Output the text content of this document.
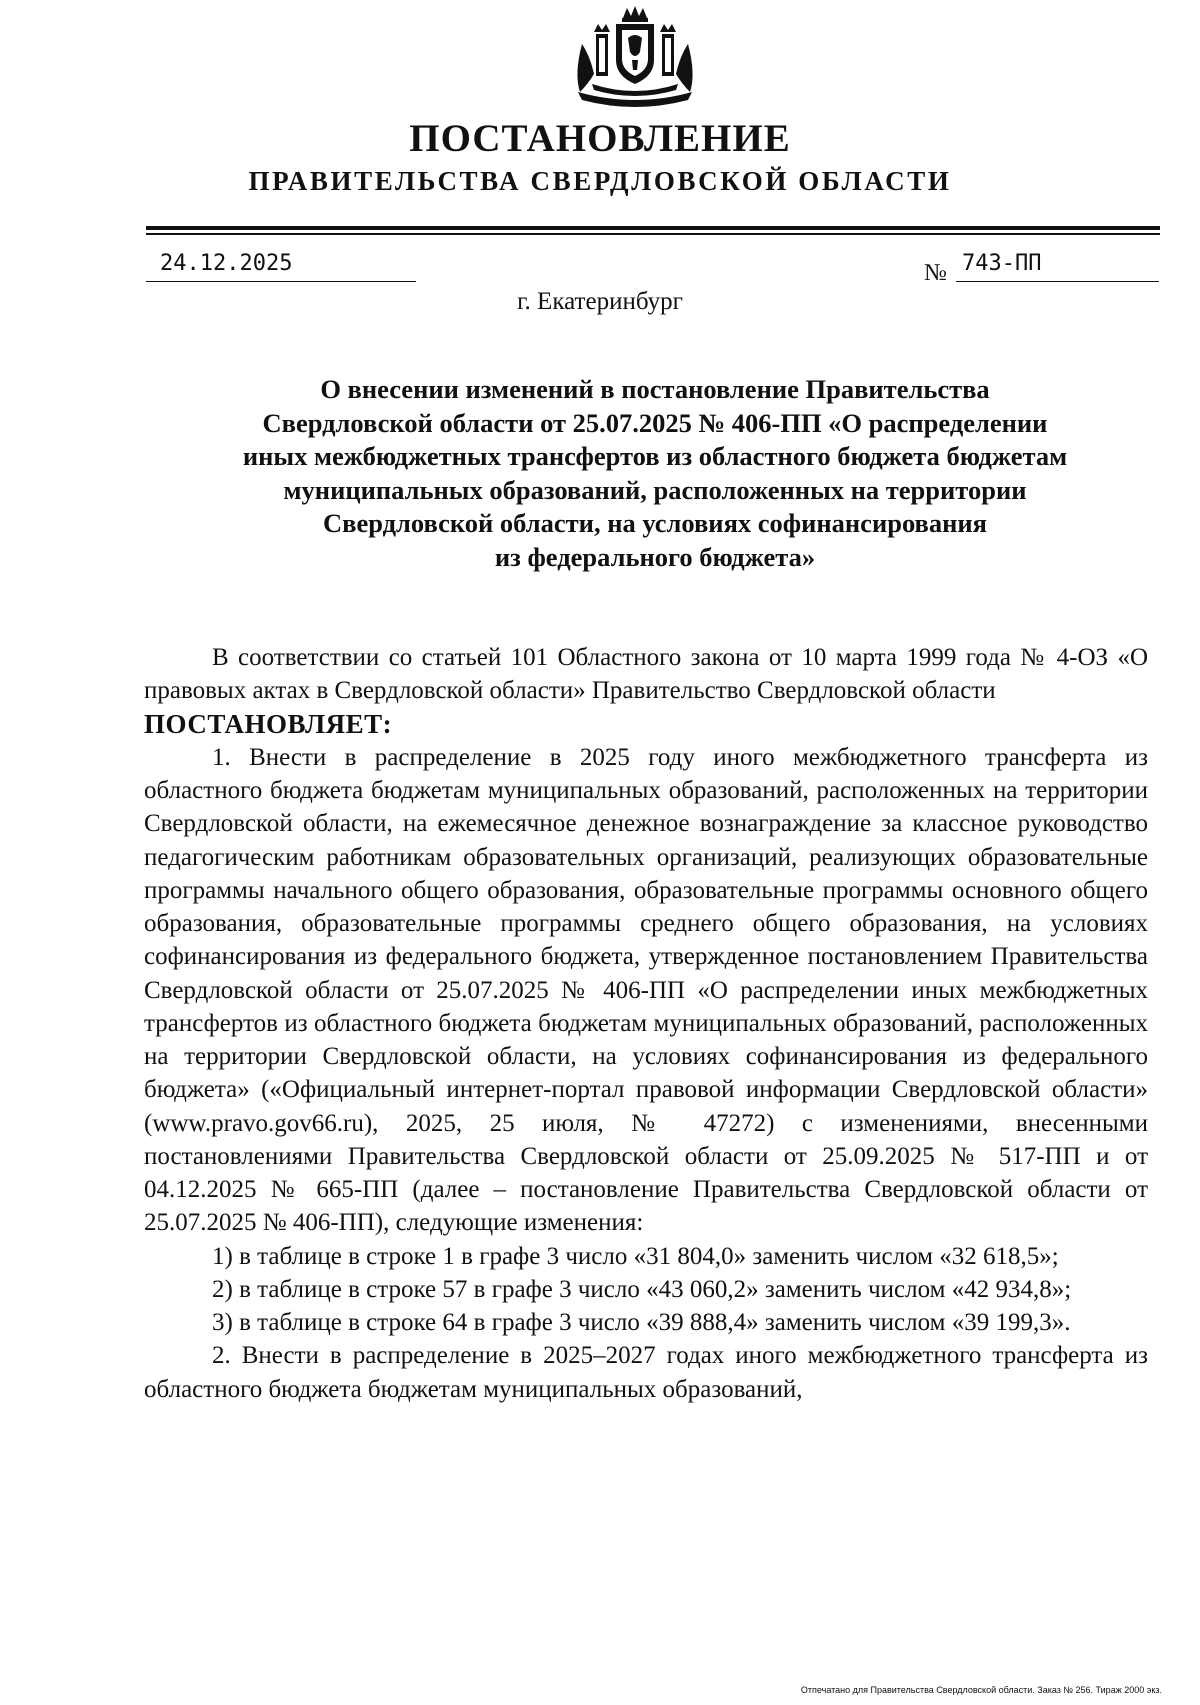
ПОСТАНОВЛЕНИЕ
ПРАВИТЕЛЬСТВА СВЕРДЛОВСКОЙ ОБЛАСТИ
24.12.2025	№ 743-ПП
г. Екатеринбург
О внесении изменений в постановление Правительства
Свердловской области от 25.07.2025 № 406-ПП «О распределении
иных межбюджетных трансфертов из областного бюджета бюджетам
муниципальных образований, расположенных на территории
Свердловской области, на условиях софинансирования
из федерального бюджета»

В соответствии со статьей 101 Областного закона от 10 марта 1999 года № 4-ОЗ «О правовых актах в Свердловской области» Правительство Свердловской области

ПОСТАНОВЛЯЕТ:

1. Внести в распределение в 2025 году иного межбюджетного трансферта из областного бюджета бюджетам муниципальных образований, расположенных на территории Свердловской области, на ежемесячное денежное вознаграждение за классное руководство педагогическим работникам образовательных организаций, реализующих образовательные программы начального общего образования, образовательные программы основного общего образования, образовательные программы среднего общего образования, на условиях софинансирования из федерального бюджета, утвержденное постановлением Правительства Свердловской области от 25.07.2025 № 406-ПП «О распределении иных межбюджетных трансфертов из областного бюджета бюджетам муниципальных образований, расположенных на территории Свердловской области, на условиях софинансирования из федерального бюджета» («Официальный интернет-портал правовой информации Свердловской области» (www.pravo.gov66.ru), 2025, 25 июля, № 47272) с изменениями, внесенными постановлениями Правительства Свердловской области от 25.09.2025 № 517-ПП и от 04.12.2025 № 665-ПП (далее – постановление Правительства Свердловской области от 25.07.2025 № 406-ПП), следующие изменения:

1) в таблице в строке 1 в графе 3 число «31 804,0» заменить числом «32 618,5»;

2) в таблице в строке 57 в графе 3 число «43 060,2» заменить числом «42 934,8»;

3) в таблице в строке 64 в графе 3 число «39 888,4» заменить числом «39 199,3».

2. Внести в распределение в 2025–2027 годах иного межбюджетного трансферта из областного бюджета бюджетам муниципальных образований,

Отпечатано для Правительства Свердловской области. Заказ № 256. Тираж 2000 экз.
